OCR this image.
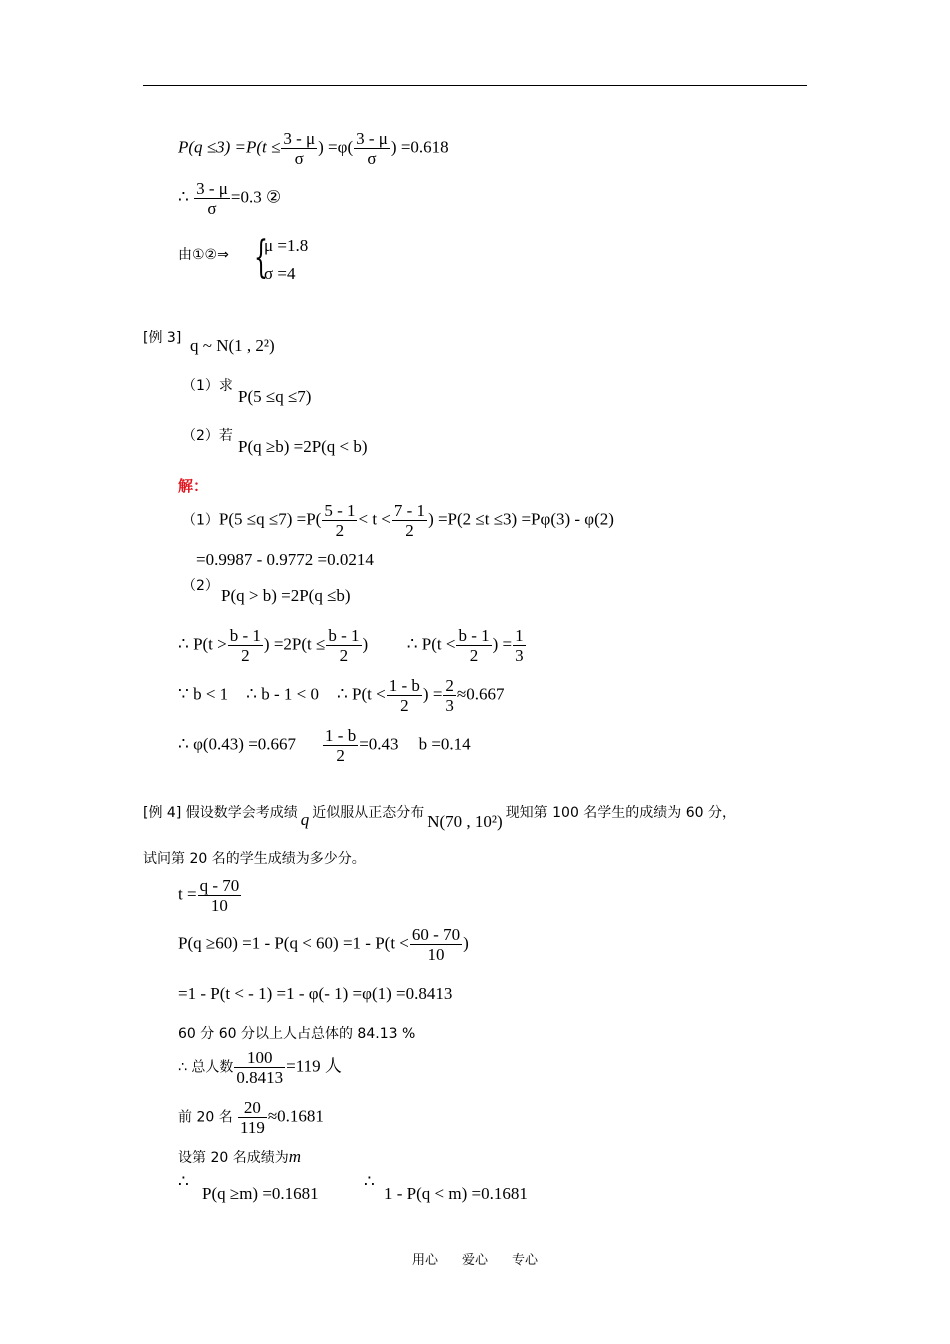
$P(q \le 3) =P(t \le \frac{3 - \mu}{\sigma}$ ) $=\varphi( \frac{3 - \mu}{\sigma}$ ) =0.618
∴ $\frac{3 - \mu}{\sigma} =0.3$ ②
由①②⇒ {
μ =1.8
σ =4
[例 3] q ~ N(1 , 2²)
（1）求
P(5 ≤q ≤7)
（2）若
P(q ≥b) =2P(q < b)
解：
$(1)P(5 \le q \le 7) =P( \frac{5 - 1}{2} < t < \frac{7 - 1}{2}$ ) =P(2 ≤t ≤3) =Pφ(3) - φ(2)
=0.9987 - 0.9772 =0.0214
（2） P(q > b) =2P(q ≤b)
∴ $P(t > \frac{b - 1}{2}$ ) $=2P(t \le \frac{b - 1}{2}$ ) ∴ $P(t < \frac{b - 1}{2}$ ) = $\frac{1}{3}$
∵ b < 1 ∴ b - 1 < 0 ∴ $P(t < \frac{1 - b}{2}$ ) = $\frac{2}{3} \approx 0.667$
∴ $\varphi(0.43) =0.667 \frac{1 - b}{2} =0.43$ b =0.14
[例 4] 假设数学会考成绩 q 近似服从正态分布 N(70 , 10²) 现知第 100 名学生的成绩为 60 分，
试问第 20 名的学生成绩为多少分。
$t = \frac{q - 70}{10}$
$P(q \ge 60) =1 - P(q < 60) =1 - P(t < \frac{60 - 70}{10}$ )
=1 - P(t < - 1) =1 - φ(- 1) =φ(1) =0.8413
60 分 60 分以上人占总体的 84.13 %
∴ 总人数 $\frac{100}{0.8413} =119$ 人
前 20 名 $\frac{20}{119} \approx 0.1681$
设第 20 名成绩为m
∴
P(q ≥m) =0.1681
∴
1 - P(q < m) =0.1681
用心 爱心 专心
